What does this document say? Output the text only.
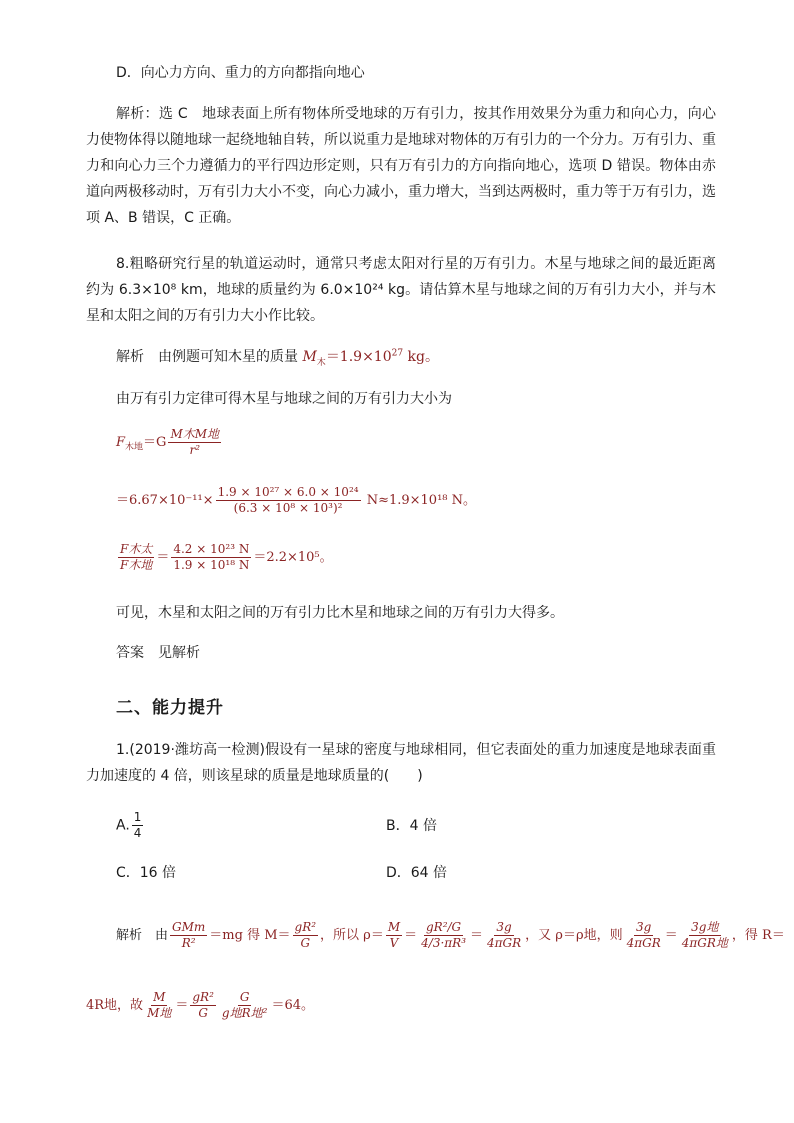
D．向心力方向、重力的方向都指向地心
解析：选 C　地球表面上所有物体所受地球的万有引力，按其作用效果分为重力和向心力，向心力使物体得以随地球一起绕地轴自转，所以说重力是地球对物体的万有引力的一个分力。万有引力、重力和向心力三个力遵循力的平行四边形定则，只有万有引力的方向指向地心，选项 D 错误。物体由赤道向两极移动时，万有引力大小不变，向心力减小，重力增大，当到达两极时，重力等于万有引力，选项 A、B 错误，C 正确。
8.粗略研究行星的轨道运动时，通常只考虑太阳对行星的万有引力。木星与地球之间的最近距离约为 6.3×10⁸ km，地球的质量约为 6.0×10²⁴ kg。请估算木星与地球之间的万有引力大小，并与木星和太阳之间的万有引力大小作比较。
解析　由例题可知木星的质量 $M_木=1.9\times 10^{27}$ kg。
由万有引力定律可得木星与地球之间的万有引力大小为
$F_{木地}=G \frac{\text{M木M地}}{\text{r²}}$
$=6.67\times 10^{-11}\times \frac{\text{1.9 × 10²⁷ × 6.0 × 10²⁴}}{\text{(6.3 × 10⁸ × 10³)²}} N\approx 1.9\times 10^{18}$ N。
$\frac{\text{F木太}}{\text{F木地}} = \frac{\text{4.2 × 10²³ N}}{\text{1.9 × 10¹⁸ N}} =2.2\times 10^5$。
可见，木星和太阳之间的万有引力比木星和地球之间的万有引力大得多。
答案　见解析
二、能力提升
1.(2019·潍坊高一检测)假设有一星球的密度与地球相同，但它表面处的重力加速度是地球表面重力加速度的 4 倍，则该星球的质量是地球质量的(　　)
A. $\frac{1}{4}$	B．4 倍
C．16 倍	D．64 倍
解析　由 $\frac{\text{GMm}}{\text{R²}} =mg$ 得 $M= \frac{\text{gR²}}{G}$ ，所以 $\rho= \frac{M}{V} = \frac{\text{gR²/G}}{\text{4/3·πR³}} = \frac{3g}{\text{4πGR}}$ ，又 ρ＝ρ地，则 $\frac{3g}{\text{4πGR}} = \frac{\text{3g地}}{\text{4πGR地}}$ ，得 R＝
4R地，故 $\frac{M}{\text{M地}} = \frac{\text{gR²}}{G} \frac{G}{\text{g地R地²}} =64$。
